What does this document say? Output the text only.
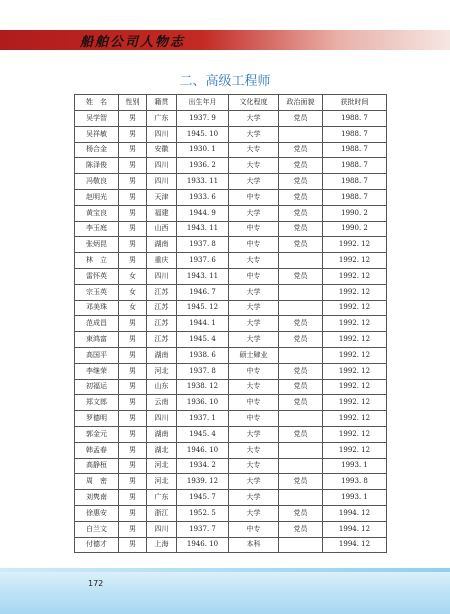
船舶公司人物志
二、高级工程师
姓　名	性别	籍贯	出生年月	文化程度	政治面貌	获批时间
吴学智	男	广东	1937. 9	大学	党员	1988. 7
吴祥敏	男	四川	1945. 10	大学		1988. 7
杨合金	男	安徽	1930. 1	大专	党员	1988. 7
陈泽俊	男	四川	1936. 2	大专	党员	1988. 7
冯敬良	男	四川	1933. 11	大学	党员	1988. 7
赵明光	男	天津	1933. 6	中专	党员	1988. 7
黄宝良	男	福建	1944. 9	大学	党员	1990. 2
李玉庭	男	山西	1943. 11	中专	党员	1990. 2
张炳昆	男	湖南	1937. 8	中专	党员	1992. 12
林　立	男	重庆	1937. 6	大专		1992. 12
雷怀英	女	四川	1943. 11	中专	党员	1992. 12
宗玉英	女	江苏	1946. 7	大学		1992. 12
邓美珠	女	江苏	1945. 12	大学		1992. 12
范成昌	男	江苏	1944. 1	大学	党员	1992. 12
束鸿富	男	江苏	1945. 4	大学	党员	1992. 12
高国平	男	湖南	1938. 6	硕士肄业		1992. 12
李继荣	男	河北	1937. 8	中专	党员	1992. 12
初福运	男	山东	1938. 12	大专	党员	1992. 12
郑文郎	男	云南	1936. 10	中专	党员	1992. 12
罗德明	男	四川	1937. 1	中专		1992. 12
郭金元	男	湖南	1945. 4	大学	党员	1992. 12
韩孟春	男	湖北	1946. 10	大专		1992. 12
高静桓	男	河北	1934. 2	大专		1993. 1
周　密	男	河北	1939. 12	大学	党员	1993. 8
刘隽南	男	广东	1945. 7	大学		1993. 1
徐惠安	男	浙江	1952. 5	大学	党员	1994. 12
白兰文	男	四川	1937. 7	中专	党员	1994. 12
付德才	男	上海	1946. 10	本科		1994. 12
172
